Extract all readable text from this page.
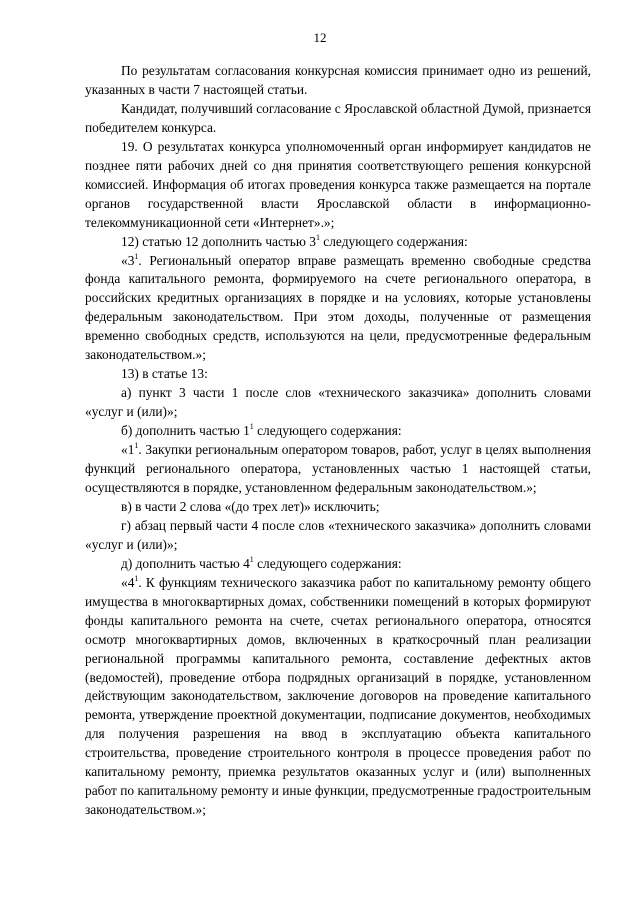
12

По результатам согласования конкурсная комиссия принимает одно из решений, указанных в части 7 настоящей статьи.

Кандидат, получивший согласование с Ярославской областной Думой, признается победителем конкурса.

19. О результатах конкурса уполномоченный орган информирует кандидатов не позднее пяти рабочих дней со дня принятия соответствующего решения конкурсной комиссией. Информация об итогах проведения конкурса также размещается на портале органов государственной власти Ярославской области в информационно-телекоммуникационной сети «Интернет».»;

12) статью 12 дополнить частью $3^1$ следующего содержания:

«$3^1$. Региональный оператор вправе размещать временно свободные средства фонда капитального ремонта, формируемого на счете регионального оператора, в российских кредитных организациях в порядке и на условиях, которые установлены федеральным законодательством. При этом доходы, полученные от размещения временно свободных средств, используются на цели, предусмотренные федеральным законодательством.»;

13) в статье 13:

а) пункт 3 части 1 после слов «технического заказчика» дополнить словами «услуг и (или)»;

б) дополнить частью $1^1$ следующего содержания:

«$1^1$. Закупки региональным оператором товаров, работ, услуг в целях выполнения функций регионального оператора, установленных частью 1 настоящей статьи, осуществляются в порядке, установленном федеральным законодательством.»;

в) в части 2 слова «(до трех лет)» исключить;

г) абзац первый части 4 после слов «технического заказчика» дополнить словами «услуг и (или)»;

д) дополнить частью $4^1$ следующего содержания:

«$4^1$. К функциям технического заказчика работ по капитальному ремонту общего имущества в многоквартирных домах, собственники помещений в которых формируют фонды капитального ремонта на счете, счетах регионального оператора, относятся осмотр многоквартирных домов, включенных в краткосрочный план реализации региональной программы капитального ремонта, составление дефектных актов (ведомостей), проведение отбора подрядных организаций в порядке, установленном действующим законодательством, заключение договоров на проведение капитального ремонта, утверждение проектной документации, подписание документов, необходимых для получения разрешения на ввод в эксплуатацию объекта капитального строительства, проведение строительного контроля в процессе проведения работ по капитальному ремонту, приемка результатов оказанных услуг и (или) выполненных работ по капитальному ремонту и иные функции, предусмотренные градостроительным законодательством.»;
